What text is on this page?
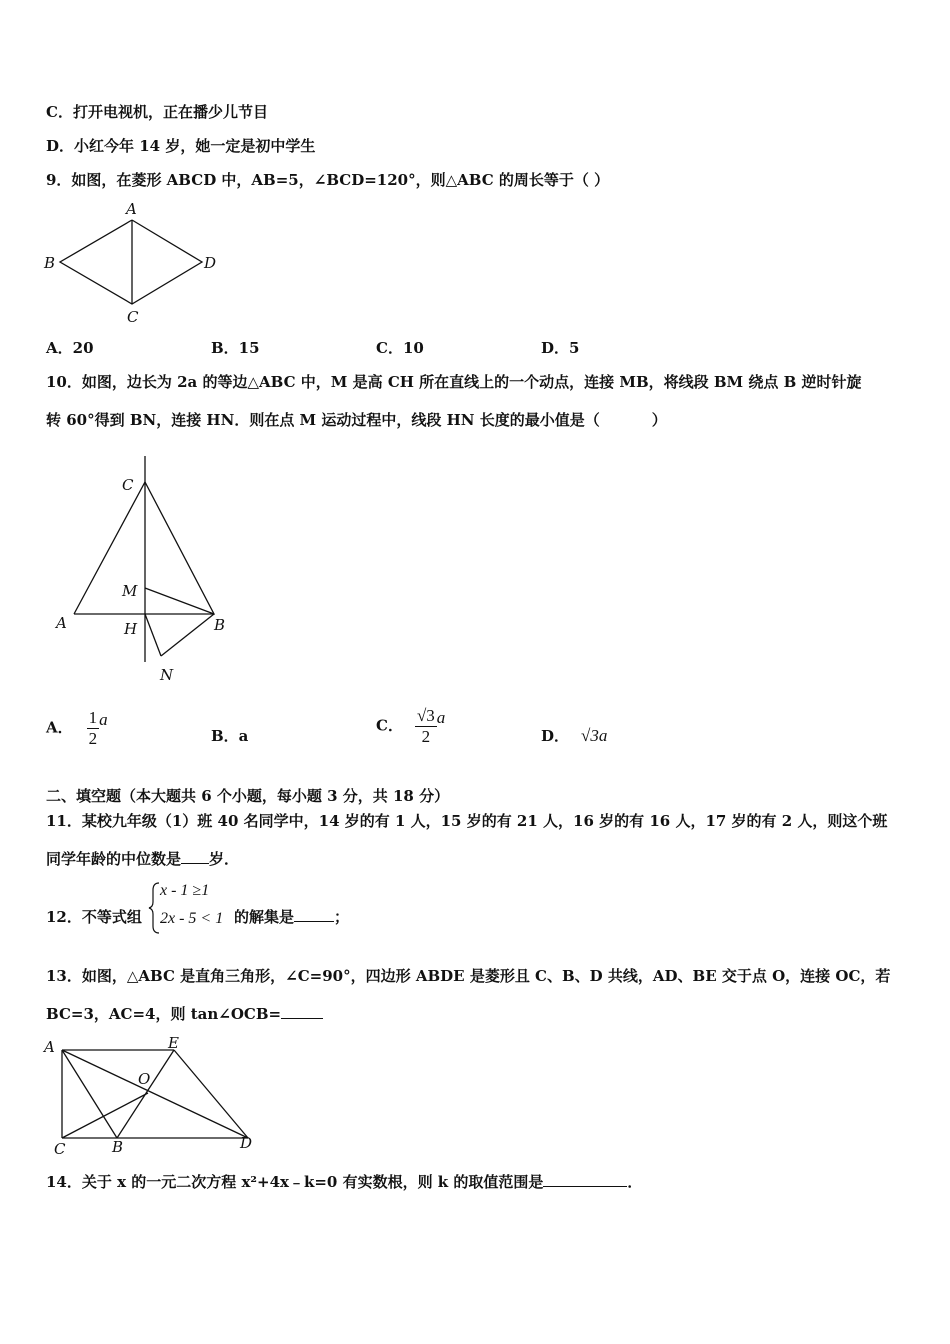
C．打开电视机，正在播少儿节目
D．小红今年 14 岁，她一定是初中学生
9．如图，在菱形 ABCD 中，AB=5，∠BCD=120°，则△ABC 的周长等于（ ）
A
B
C
D
A．20	B．15	C．10	D．5
10．如图，边长为 2a 的等边△ABC 中，M 是高 CH 所在直线上的一个动点，连接 MB，将线段 BM 绕点 B 逆时针旋
转 60°得到 BN，连接 HN．则在点 M 运动过程中，线段 HN 长度的最小值是（	）
C
M
A	H	B
N
A． $\frac{1}{2}$ a
B．a
C． $\frac{√3}{2}$ a
D． √3a
二、填空题（本大题共 6 个小题，每小题 3 分，共 18 分）
11．某校九年级（1）班 40 名同学中，14 岁的有 1 人，15 岁的有 21 人，16 岁的有 16 人，17 岁的有 2 人，则这个班
同学年龄的中位数是 岁．
12．不等式组
x - 1 ≥1
2x - 5 < 1 的解集是	；
13．如图，△ABC 是直角三角形，∠C=90°，四边形 ABDE 是菱形且 C、B、D 共线，AD、BE 交于点 O，连接 OC，若
BC=3，AC=4，则 tan∠OCB=
A	E
O
C	B	D
14．关于 x 的一元二次方程 x²+4x﹣k=0 有实数根，则 k 的取值范围是	．
